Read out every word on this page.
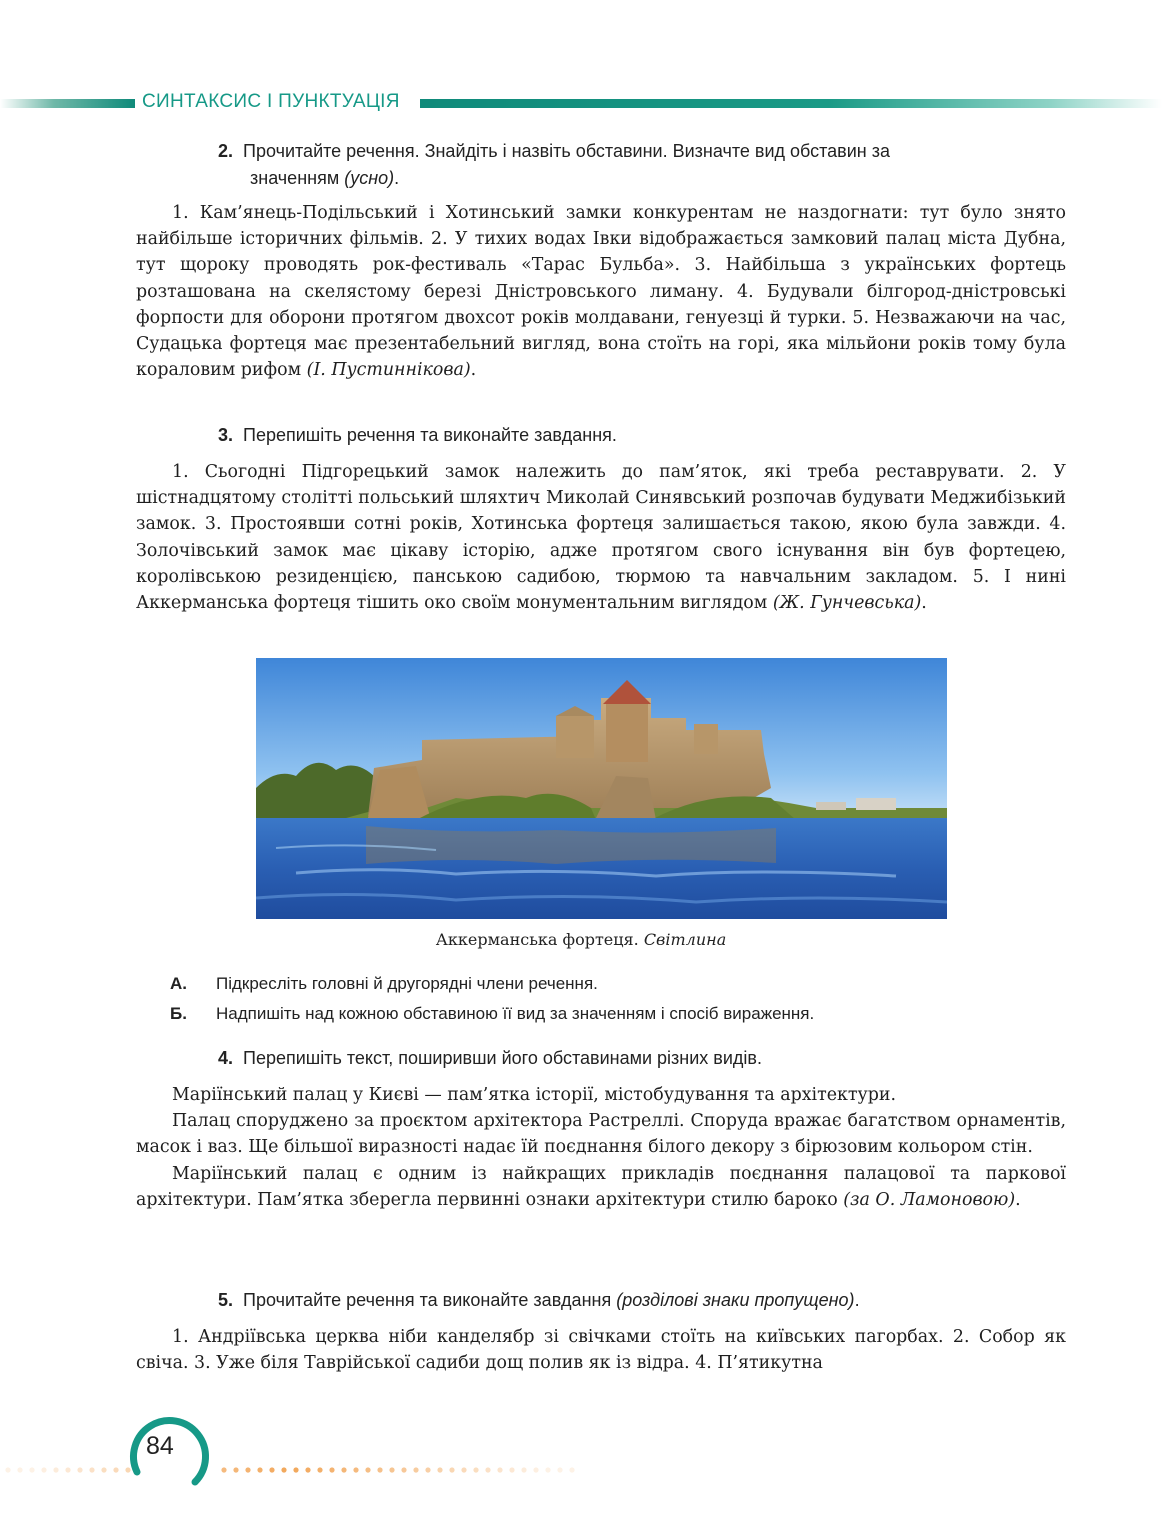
СИНТАКСИС І ПУНКТУАЦІЯ
2. Прочитайте речення. Знайдіть і назвіть обставини. Визначте вид обставин за
значенням (усно).

1. Кам’янець-Подільський і Хотинський замки конкурентам не наздогнати: тут було знято найбільше історичних фільмів. 2. У тихих водах Івки відображається замковий палац міста Дубна, тут щороку проводять рок-фестиваль «Тарас Бульба». 3. Найбільша з українських фортець розташована на скелястому березі Дністровського лиману. 4. Будували білгород-дністровські форпости для оборони протягом двохсот років молдавани, генуезці й турки. 5. Незважаючи на час, Судацька фортеця має презентабельний вигляд, вона стоїть на горі, яка мільйони років тому була кораловим рифом (І. Пустиннікова).

3. Перепишіть речення та виконайте завдання.

1. Сьогодні Підгорецький замок належить до пам’яток, які треба реставрувати. 2. У шістнадцятому столітті польський шляхтич Миколай Синявський розпочав будувати Меджибізький замок. 3. Простоявши сотні років, Хотинська фортеця залишається такою, якою була завжди. 4. Золочівський замок має цікаву історію, адже протягом свого існування він був фортецею, королівською резиденцією, панською садибою, тюрмою та навчальним закладом. 5. І нині Аккерманська фортеця тішить око своїм монументальним виглядом (Ж. Гунчевська).

Аккерманська фортеця. Світлина
А. Підкресліть головні й другорядні члени речення.
Б. Надпишіть над кожною обставиною її вид за значенням і спосіб вираження.
4. Перепишіть текст, поширивши його обставинами різних видів.

Маріїнський палац у Києві — пам’ятка історії, містобудування та архітектури.

Палац споруджено за проєктом архітектора Растреллі. Споруда вражає багатством орнаментів, масок і ваз. Ще більшої виразності надає їй поєднання білого декору з бірюзовим кольором стін.

Маріїнський палац є одним із найкращих прикладів поєднання палацової та паркової архітектури. Пам’ятка зберегла первинні ознаки архітектури стилю бароко (за О. Ламоновою).

5. Прочитайте речення та виконайте завдання (розділові знаки пропущено).

1. Андріївська церква ніби канделябр зі свічками стоїть на київських пагорбах. 2. Собор як свіча. 3. Уже біля Таврійської садиби дощ полив як із відра. 4. П’ятикутна

84
